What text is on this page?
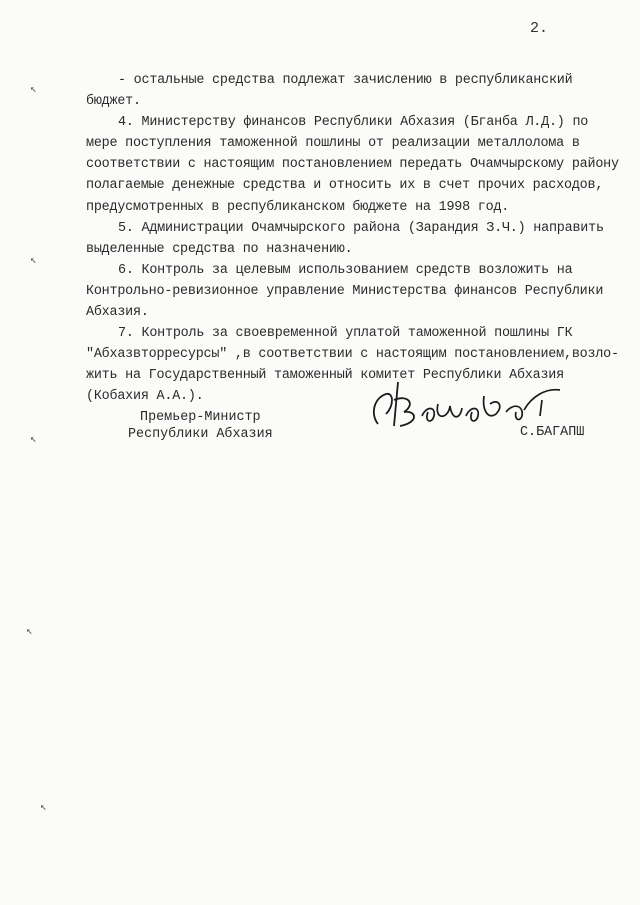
2.
- остальные средства подлежат зачислению в республиканский
бюджет.
4. Министерству финансов Республики Абхазия (Бганба Л.Д.) по
мере поступления таможенной пошлины от реализации металлолома в
соответствии с настоящим постановлением передать Очамчырскому району
полагаемые денежные средства и относить их в счет прочих расходов,
предусмотренных в республиканском бюджете на 1998 год.
5. Администрации Очамчырского района (Зарандия З.Ч.) направить
выделенные средства по назначению.
6. Контроль за целевым использованием средств возложить на
Контрольно-ревизионное управление Министерства финансов Республики
Абхазия.
7. Контроль за своевременной уплатой таможенной пошлины ГК
"Абхазвторресурсы" ,в соответствии с настоящим постановлением,возло-
жить на Государственный таможенный комитет Республики Абхазия
(Кобахия А.А.).
Премьер-Министр
Республики Абхазия	С.БАГАПШ
↖
↖
↖
↖
↖
